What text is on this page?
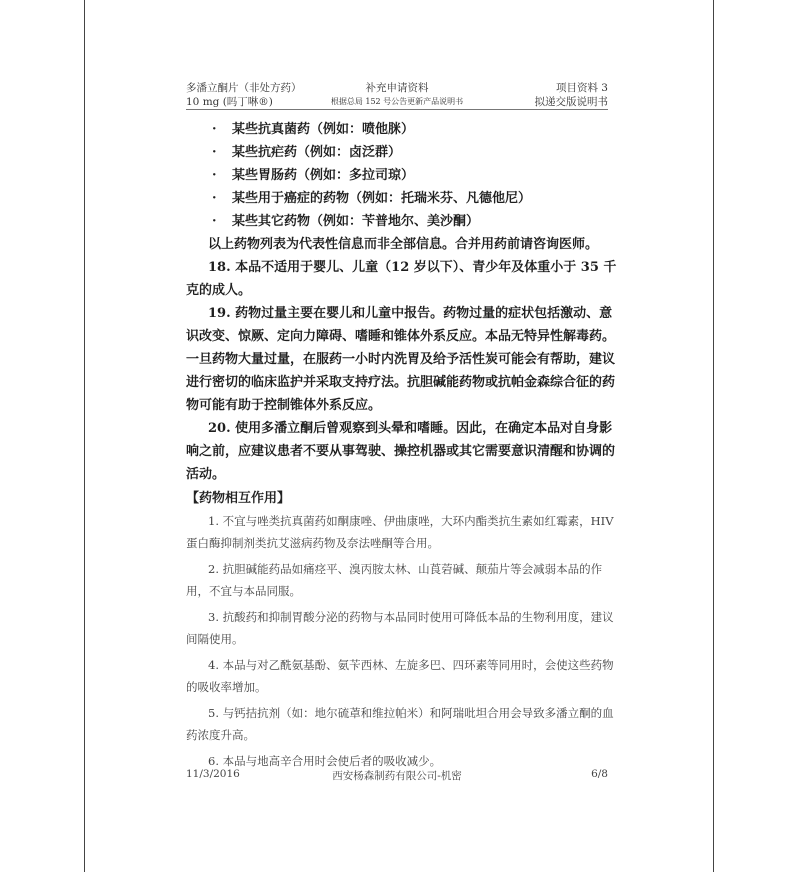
多潘立酮片（非处方药）
10 mg (吗丁啉®)
补充申请资料
根据总局 152 号公告更新产品说明书
项目资料 3
拟递交版说明书
· 某些抗真菌药（例如：喷他脒）
· 某些抗疟药（例如：卤泛群）
· 某些胃肠药（例如：多拉司琼）
· 某些用于癌症的药物（例如：托瑞米芬、凡德他尼）
· 某些其它药物（例如：苄普地尔、美沙酮）
以上药物列表为代表性信息而非全部信息。合并用药前请咨询医师。
18. 本品不适用于婴儿、儿童（12 岁以下）、青少年及体重小于 35 千克的成人。
19. 药物过量主要在婴儿和儿童中报告。药物过量的症状包括激动、意识改变、惊厥、定向力障碍、嗜睡和锥体外系反应。本品无特异性解毒药。一旦药物大量过量，在服药一小时内洗胃及给予活性炭可能会有帮助，建议进行密切的临床监护并采取支持疗法。抗胆碱能药物或抗帕金森综合征的药物可能有助于控制锥体外系反应。
20. 使用多潘立酮后曾观察到头晕和嗜睡。因此，在确定本品对自身影响之前，应建议患者不要从事驾驶、操控机器或其它需要意识清醒和协调的活动。
【药物相互作用】
1. 不宜与唑类抗真菌药如酮康唑、伊曲康唑，大环内酯类抗生素如红霉素，HIV 蛋白酶抑制剂类抗艾滋病药物及奈法唑酮等合用。
2. 抗胆碱能药品如痛痉平、溴丙胺太林、山莨菪碱、颠茄片等会减弱本品的作用，不宜与本品同服。
3. 抗酸药和抑制胃酸分泌的药物与本品同时使用可降低本品的生物利用度，建议间隔使用。
4. 本品与对乙酰氨基酚、氨苄西林、左旋多巴、四环素等同用时，会使这些药物的吸收率增加。
5. 与钙拮抗剂（如：地尔硫䓬和维拉帕米）和阿瑞吡坦合用会导致多潘立酮的血药浓度升高。
6. 本品与地高辛合用时会使后者的吸收减少。
11/3/2016	西安杨森制药有限公司-机密	6/8
